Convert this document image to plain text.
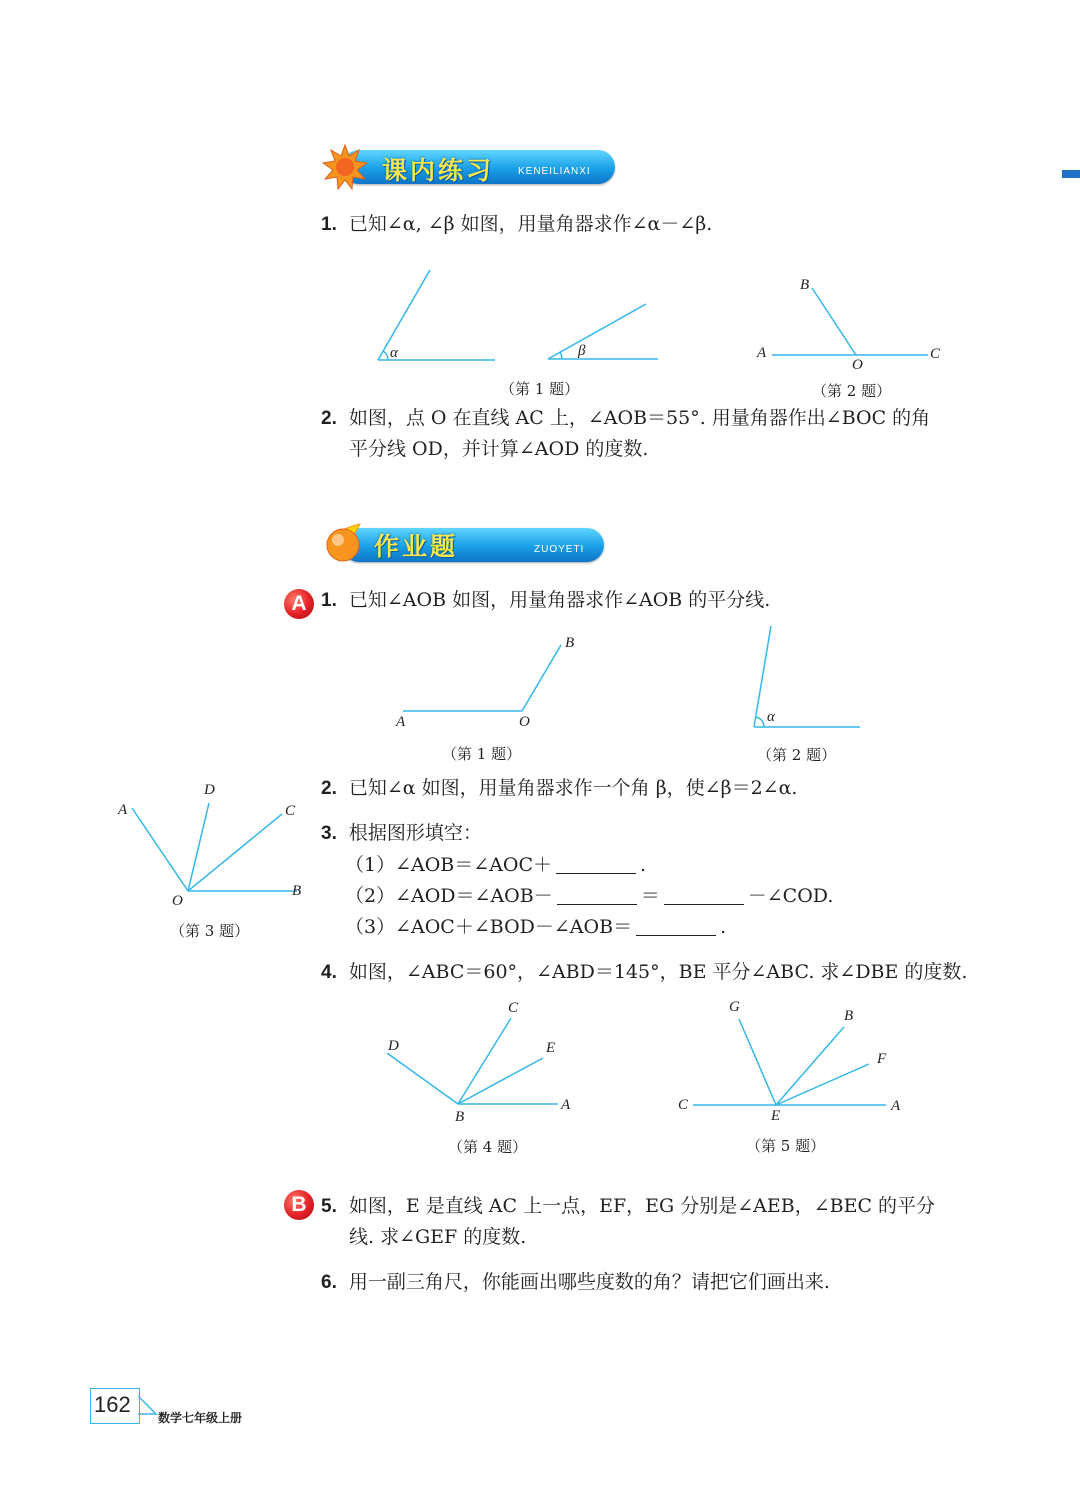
课内练习 KENEILIANXI
1. 已知∠α, ∠β 如图，用量角器求作∠α－∠β.
α	β
（第 1 题）
B
A
O
C
（第 2 题）
2. 如图，点 O 在直线 AC 上，∠AOB＝55°. 用量角器作出∠BOC 的角
平分线 OD，并计算∠AOD 的度数.
作业题	ZUOYETI
A 1. 已知∠AOB 如图，用量角器求作∠AOB 的平分线.
B
A	O
（第 1 题）
α
（第 2 题）
2. 已知∠α 如图，用量角器求作一个角 β，使∠β＝2∠α.
A
D
C
B
O
（第 3 题）
3. 根据图形填空：
（1）∠AOB＝∠AOC＋	.
（2）∠AOD＝∠AOB－	＝	－∠COD.
（3）∠AOC＋∠BOD－∠AOB＝	.
4. 如图，∠ABC＝60°，∠ABD＝145°，BE 平分∠ABC. 求∠DBE 的度数.
C
D	E
A
B
（第 4 题）
G
B
F
C
E
A
（第 5 题）
B 5. 如图，E 是直线 AC 上一点，EF，EG 分别是∠AEB，∠BEC 的平分
线. 求∠GEF 的度数.
6. 用一副三角尺，你能画出哪些度数的角？请把它们画出来.
162
数学七年级上册
